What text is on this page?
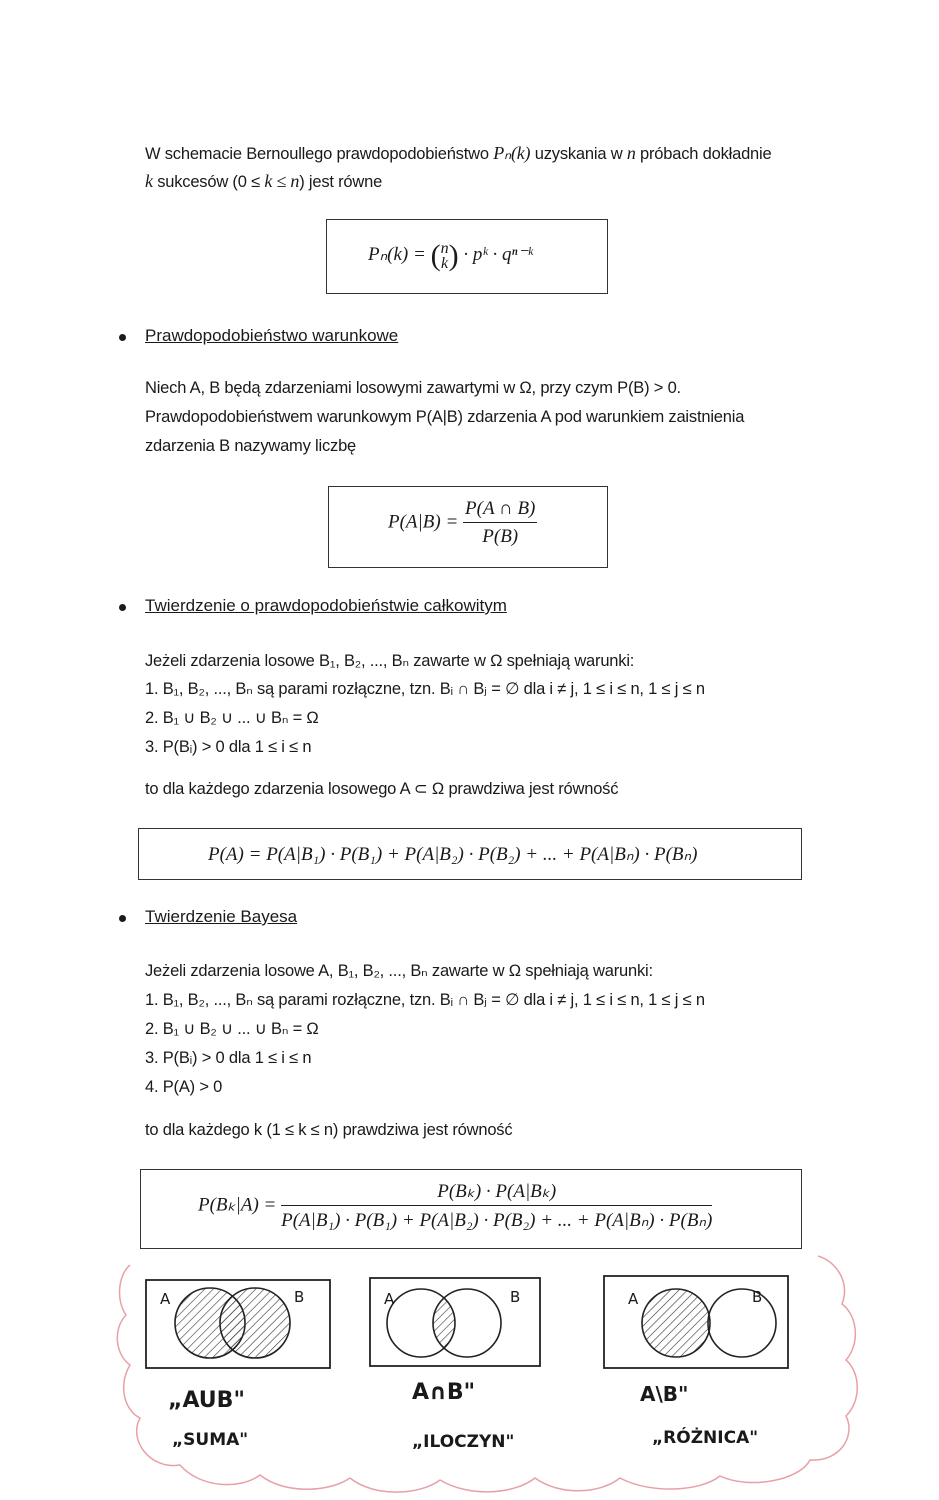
W schemacie Bernoullego prawdopodobieństwo Pₙ(k) uzyskania w n próbach dokładnie
k sukcesów (0 ≤ k ≤ n) jest równe
Pₙ(k) = ( n
k ) · pᵏ · qⁿ⁻ᵏ
Prawdopodobieństwo warunkowe
Niech A, B będą zdarzeniami losowymi zawartymi w Ω, przy czym P(B) > 0.
Prawdopodobieństwem warunkowym P(A|B) zdarzenia A pod warunkiem zaistnienia
zdarzenia B nazywamy liczbę
$P(A|B) = \frac{P(A \cap B)}{P(B)}$
Twierdzenie o prawdopodobieństwie całkowitym
Jeżeli zdarzenia losowe B₁, B₂, ..., Bₙ zawarte w Ω spełniają warunki:
1. B₁, B₂, ..., Bₙ są parami rozłączne, tzn. Bᵢ ∩ Bⱼ = ∅ dla i ≠ j, 1 ≤ i ≤ n, 1 ≤ j ≤ n
2. B₁ ∪ B₂ ∪ ... ∪ Bₙ = Ω
3. P(Bᵢ) > 0 dla 1 ≤ i ≤ n
to dla każdego zdarzenia losowego A ⊂ Ω prawdziwa jest równość
P(A) = P(A|B₁) · P(B₁) + P(A|B₂) · P(B₂) + ... + P(A|Bₙ) · P(Bₙ)
Twierdzenie Bayesa
Jeżeli zdarzenia losowe A, B₁, B₂, ..., Bₙ zawarte w Ω spełniają warunki:
1. B₁, B₂, ..., Bₙ są parami rozłączne, tzn. Bᵢ ∩ Bⱼ = ∅ dla i ≠ j, 1 ≤ i ≤ n, 1 ≤ j ≤ n
2. B₁ ∪ B₂ ∪ ... ∪ Bₙ = Ω
3. P(Bᵢ) > 0 dla 1 ≤ i ≤ n
4. P(A) > 0
to dla każdego k (1 ≤ k ≤ n) prawdziwa jest równość
$P(B_k|A) = \frac{\text{P(Bₖ) · P(A|Bₖ)}}{\text{P(A|B₁) · P(B₁) + P(A|B₂) · P(B₂) + ... + P(A|Bₙ) · P(Bₙ)}}$
A	B	A	B	A	B
„AUB"
„SUMA"
A∩B"
„ILOCZYN"
A\B"
„RÓŻNICA"
